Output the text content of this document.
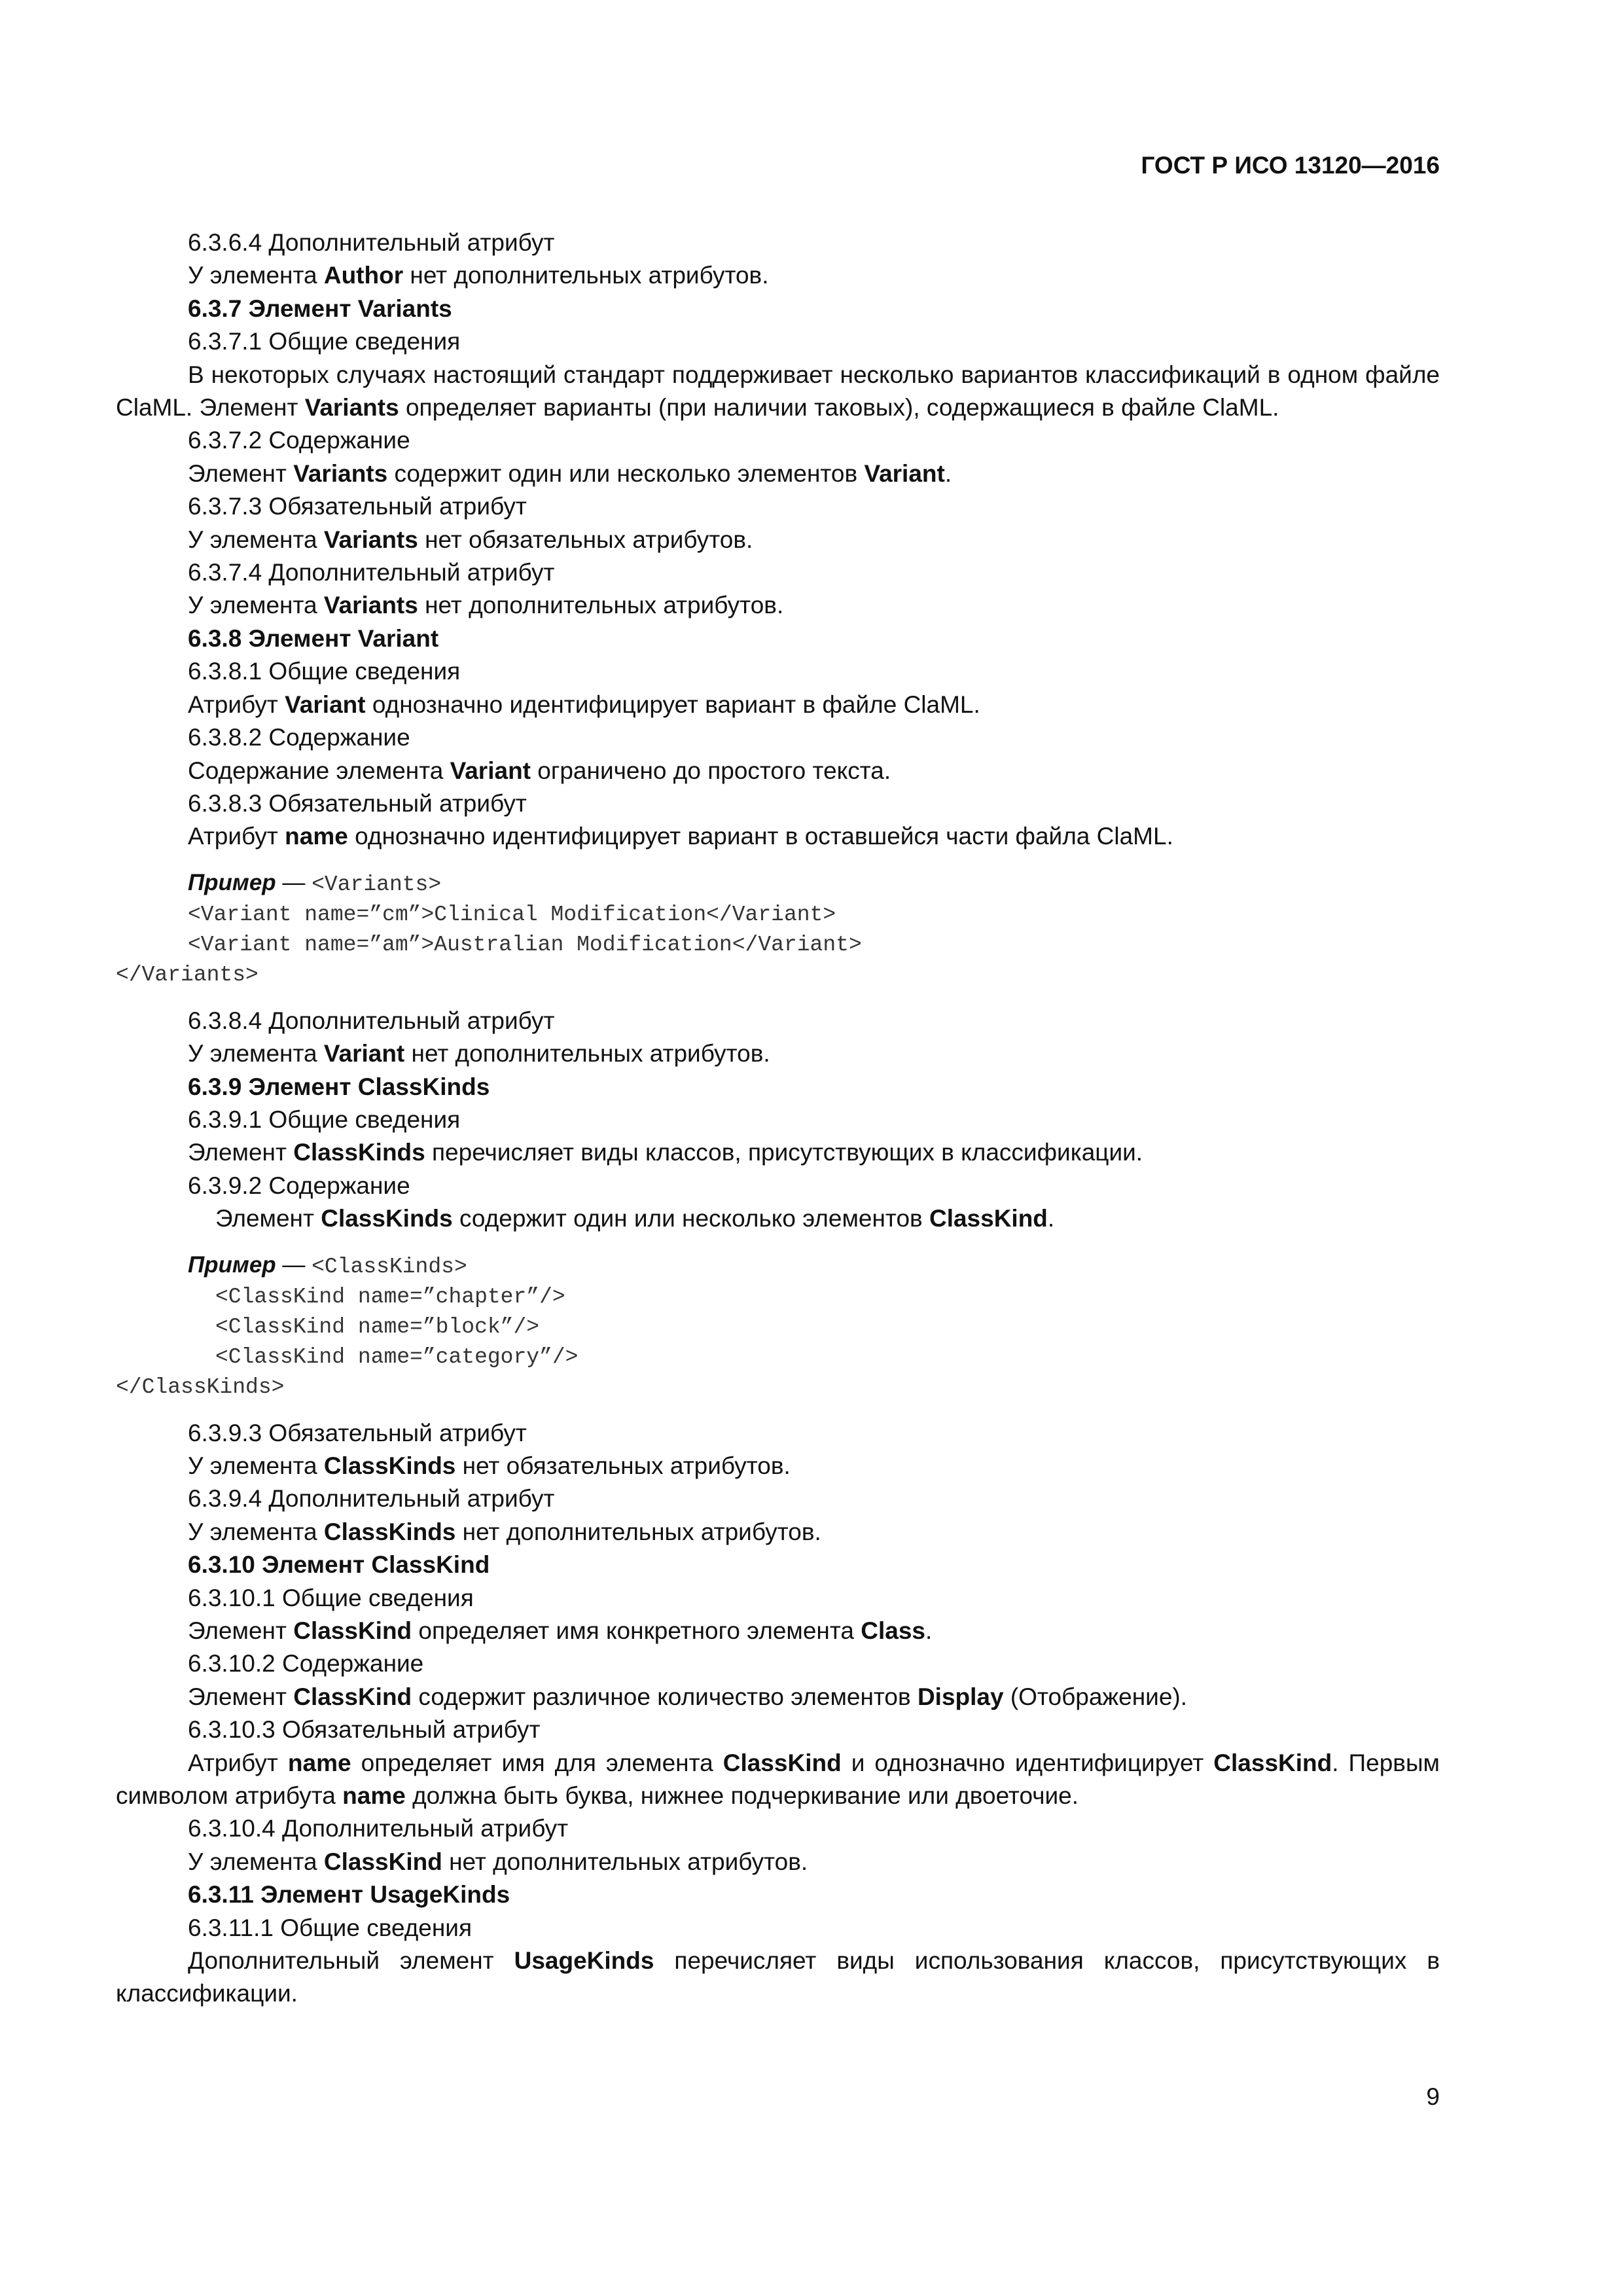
ГОСТ Р ИСО 13120—2016

6.3.6.4 Дополнительный атрибут

У элемента Author нет дополнительных атрибутов.

6.3.7 Элемент Variants

6.3.7.1 Общие сведения

В некоторых случаях настоящий стандарт поддерживает несколько вариантов классификаций в одном файле ClaML. Элемент Variants определяет варианты (при наличии таковых), содержащиеся в файле ClaML.

6.3.7.2 Содержание

Элемент Variants содержит один или несколько элементов Variant.

6.3.7.3 Обязательный атрибут

У элемента Variants нет обязательных атрибутов.

6.3.7.4 Дополнительный атрибут

У элемента Variants нет дополнительных атрибутов.

6.3.8 Элемент Variant

6.3.8.1 Общие сведения

Атрибут Variant однозначно идентифицирует вариант в файле ClaML.

6.3.8.2 Содержание

Содержание элемента Variant ограничено до простого текста.

6.3.8.3 Обязательный атрибут

Атрибут name однозначно идентифицирует вариант в оставшейся части файла ClaML.

Пример — <Variants>
<Variant name=”cm”>Clinical Modification</Variant>
<Variant name=”am”>Australian Modification</Variant>
</Variants>

6.3.8.4 Дополнительный атрибут

У элемента Variant нет дополнительных атрибутов.

6.3.9 Элемент ClassKinds

6.3.9.1 Общие сведения

Элемент ClassKinds перечисляет виды классов, присутствующих в классификации.

6.3.9.2 Содержание

Элемент ClassKinds содержит один или несколько элементов ClassKind.

Пример — <ClassKinds>
<ClassKind name=”chapter”/>
<ClassKind name=”block”/>
<ClassKind name=”category”/>
</ClassKinds>

6.3.9.3 Обязательный атрибут

У элемента ClassKinds нет обязательных атрибутов.

6.3.9.4 Дополнительный атрибут

У элемента ClassKinds нет дополнительных атрибутов.

6.3.10 Элемент ClassKind

6.3.10.1 Общие сведения

Элемент ClassKind определяет имя конкретного элемента Class.

6.3.10.2 Содержание

Элемент ClassKind содержит различное количество элементов Display (Отображение).

6.3.10.3 Обязательный атрибут

Атрибут name определяет имя для элемента ClassKind и однозначно идентифицирует ClassKind. Первым символом атрибута name должна быть буква, нижнее подчеркивание или двоеточие.

6.3.10.4 Дополнительный атрибут

У элемента ClassKind нет дополнительных атрибутов.

6.3.11 Элемент UsageKinds

6.3.11.1 Общие сведения

Дополнительный элемент UsageKinds перечисляет виды использования классов, присутствующих в классификации.

9
